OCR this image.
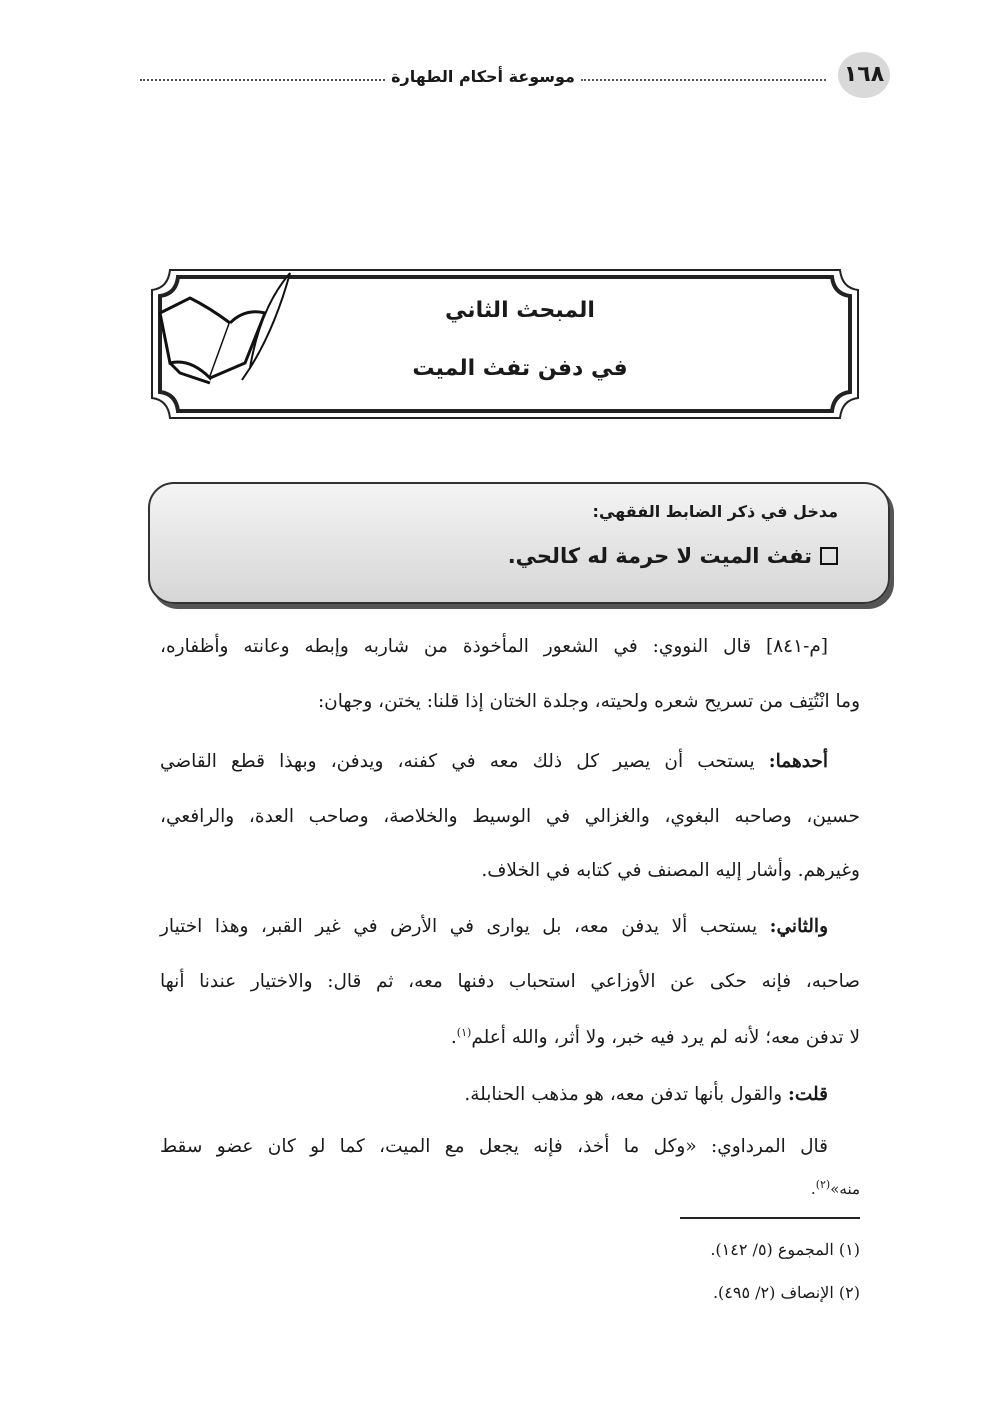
١٦٨
موسوعة أحكام الطهارة
المبحث الثاني
في دفن تفث الميت
مدخل في ذكر الضابط الفقهي:
تفث الميت لا حرمة له كالحي.
[م-٨٤١] قال النووي: في الشعور المأخوذة من شاربه وإبطه وعانته وأظفاره،
وما انْتُتِف من تسريح شعره ولحيته، وجلدة الختان إذا قلنا: يختن، وجهان:
أحدهما: يستحب أن يصير كل ذلك معه في كفنه، ويدفن، وبهذا قطع القاضي
حسين، وصاحبه البغوي، والغزالي في الوسيط والخلاصة، وصاحب العدة، والرافعي،
وغيرهم. وأشار إليه المصنف في كتابه في الخلاف.
والثاني: يستحب ألا يدفن معه، بل يوارى في الأرض في غير القبر، وهذا اختيار
صاحبه، فإنه حكى عن الأوزاعي استحباب دفنها معه، ثم قال: والاختيار عندنا أنها
لا تدفن معه؛ لأنه لم يرد فيه خبر، ولا أثر، والله أعلم$^{(١)}$.
قلت: والقول بأنها تدفن معه، هو مذهب الحنابلة.
قال المرداوي: «وكل ما أخذ، فإنه يجعل مع الميت، كما لو كان عضو سقط
منه»$^{(٢)}$.
(١) المجموع (٥/ ١٤٢).
(٢) الإنصاف (٢/ ٤٩٥).
